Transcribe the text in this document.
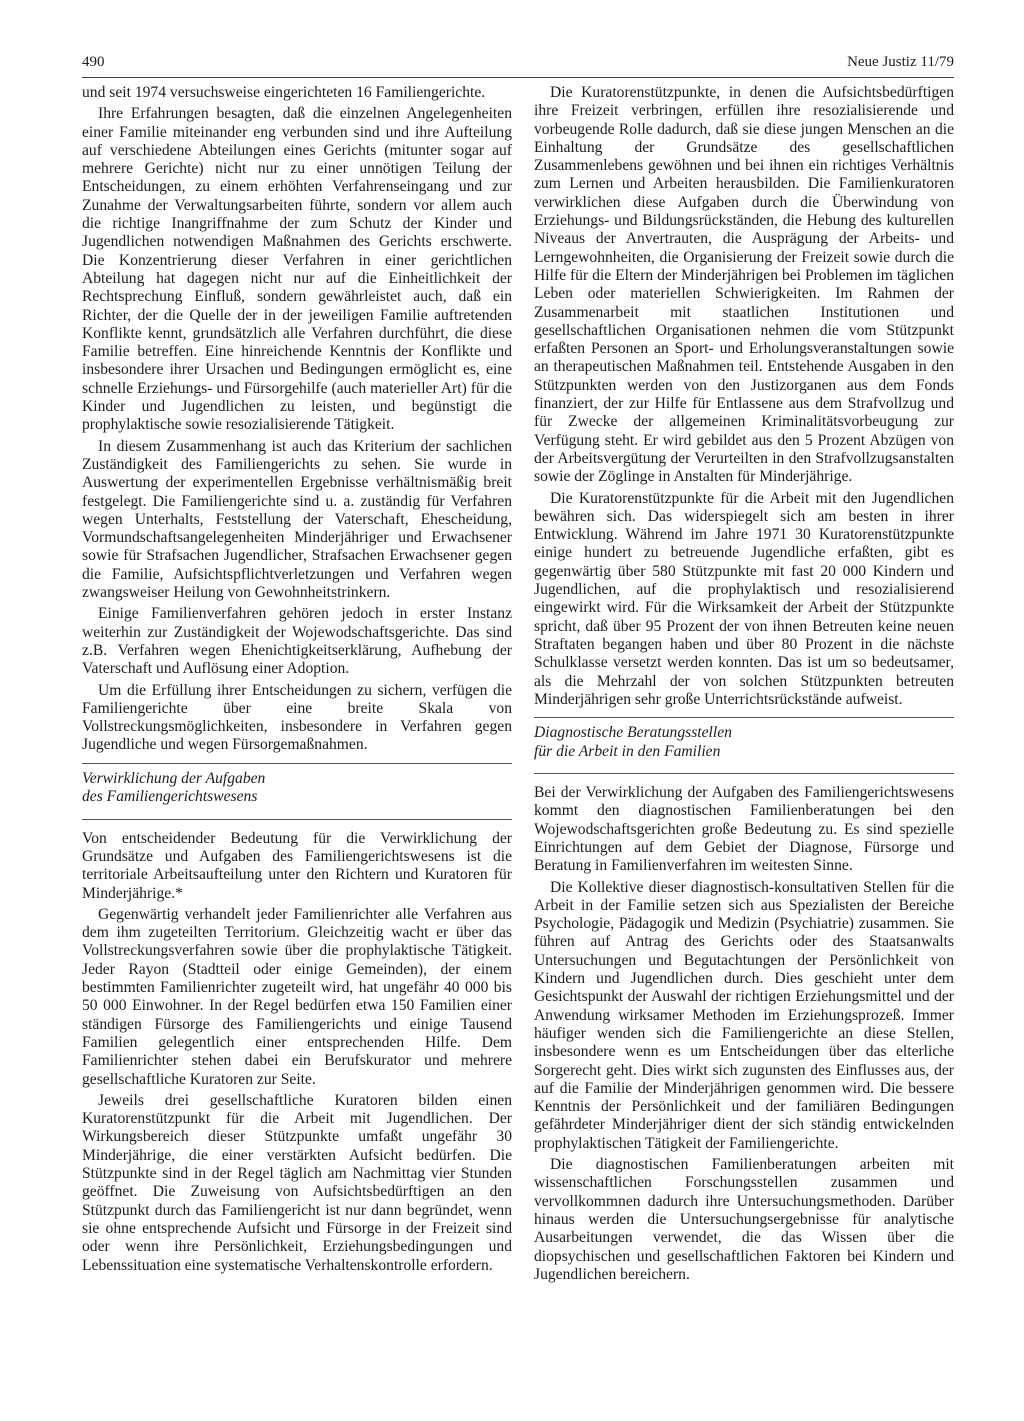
490	Neue Justiz 11/79

und seit 1974 versuchsweise eingerichteten 16 Familiengerichte.

Ihre Erfahrungen besagten, daß die einzelnen Angelegenheiten einer Familie miteinander eng verbunden sind und ihre Aufteilung auf verschiedene Abteilungen eines Gerichts (mitunter sogar auf mehrere Gerichte) nicht nur zu einer unnötigen Teilung der Entscheidungen, zu einem erhöhten Verfahrenseingang und zur Zunahme der Verwaltungsarbeiten führte, sondern vor allem auch die richtige Inangriffnahme der zum Schutz der Kinder und Jugendlichen notwendigen Maßnahmen des Gerichts erschwerte. Die Konzentrierung dieser Verfahren in einer gerichtlichen Abteilung hat dagegen nicht nur auf die Einheitlichkeit der Rechtsprechung Einfluß, sondern gewährleistet auch, daß ein Richter, der die Quelle der in der jeweiligen Familie auftretenden Konflikte kennt, grundsätzlich alle Verfahren durchführt, die diese Familie betreffen. Eine hinreichende Kenntnis der Konflikte und insbesondere ihrer Ursachen und Bedingungen ermöglicht es, eine schnelle Erziehungs- und Fürsorgehilfe (auch materieller Art) für die Kinder und Jugendlichen zu leisten, und begünstigt die prophylaktische sowie resozialisierende Tätigkeit.

In diesem Zusammenhang ist auch das Kriterium der sachlichen Zuständigkeit des Familiengerichts zu sehen. Sie wurde in Auswertung der experimentellen Ergebnisse verhältnismäßig breit festgelegt. Die Familiengerichte sind u. a. zuständig für Verfahren wegen Unterhalts, Feststellung der Vaterschaft, Ehescheidung, Vormundschaftsangelegenheiten Minderjähriger und Erwachsener sowie für Strafsachen Jugendlicher, Strafsachen Erwachsener gegen die Familie, Aufsichtspflichtverletzungen und Verfahren wegen zwangsweiser Heilung von Gewohnheitstrinkern.

Einige Familienverfahren gehören jedoch in erster Instanz weiterhin zur Zuständigkeit der Wojewodschaftsgerichte. Das sind z.B. Verfahren wegen Ehenichtigkeitserklärung, Aufhebung der Vaterschaft und Auflösung einer Adoption.

Um die Erfüllung ihrer Entscheidungen zu sichern, verfügen die Familiengerichte über eine breite Skala von Vollstreckungsmöglichkeiten, insbesondere in Verfahren gegen Jugendliche und wegen Fürsorgemaßnahmen.

Verwirklichung der Aufgaben
des Familiengerichtswesens

Von entscheidender Bedeutung für die Verwirklichung der Grundsätze und Aufgaben des Familiengerichtswesens ist die territoriale Arbeitsaufteilung unter den Richtern und Kuratoren für Minderjährige.*

Gegenwärtig verhandelt jeder Familienrichter alle Verfahren aus dem ihm zugeteilten Territorium. Gleichzeitig wacht er über das Vollstreckungsverfahren sowie über die prophylaktische Tätigkeit. Jeder Rayon (Stadtteil oder einige Gemeinden), der einem bestimmten Familienrichter zugeteilt wird, hat ungefähr 40 000 bis 50 000 Einwohner. In der Regel bedürfen etwa 150 Familien einer ständigen Fürsorge des Familiengerichts und einige Tausend Familien gelegentlich einer entsprechenden Hilfe. Dem Familienrichter stehen dabei ein Berufskurator und mehrere gesellschaftliche Kuratoren zur Seite.

Jeweils drei gesellschaftliche Kuratoren bilden einen Kuratorenstützpunkt für die Arbeit mit Jugendlichen. Der Wirkungsbereich dieser Stützpunkte umfaßt ungefähr 30 Minderjährige, die einer verstärkten Aufsicht bedürfen. Die Stützpunkte sind in der Regel täglich am Nachmittag vier Stunden geöffnet. Die Zuweisung von Aufsichtsbedürftigen an den Stützpunkt durch das Familiengericht ist nur dann begründet, wenn sie ohne entsprechende Aufsicht und Fürsorge in der Freizeit sind oder wenn ihre Persönlichkeit, Erziehungsbedingungen und Lebenssituation eine systematische Verhaltenskontrolle erfordern.

Die Kuratorenstützpunkte, in denen die Aufsichtsbedürftigen ihre Freizeit verbringen, erfüllen ihre resozialisierende und vorbeugende Rolle dadurch, daß sie diese jungen Menschen an die Einhaltung der Grundsätze des gesellschaftlichen Zusammenlebens gewöhnen und bei ihnen ein richtiges Verhältnis zum Lernen und Arbeiten herausbilden. Die Familienkuratoren verwirklichen diese Aufgaben durch die Überwindung von Erziehungs- und Bildungsrückständen, die Hebung des kulturellen Niveaus der Anvertrauten, die Ausprägung der Arbeits- und Lerngewohnheiten, die Organisierung der Freizeit sowie durch die Hilfe für die Eltern der Minderjährigen bei Problemen im täglichen Leben oder materiellen Schwierigkeiten. Im Rahmen der Zusammenarbeit mit staatlichen Institutionen und gesellschaftlichen Organisationen nehmen die vom Stützpunkt erfaßten Personen an Sport- und Erholungsveranstaltungen sowie an therapeutischen Maßnahmen teil. Entstehende Ausgaben in den Stützpunkten werden von den Justizorganen aus dem Fonds finanziert, der zur Hilfe für Entlassene aus dem Strafvollzug und für Zwecke der allgemeinen Kriminalitätsvorbeugung zur Verfügung steht. Er wird gebildet aus den 5 Prozent Abzügen von der Arbeitsvergütung der Verurteilten in den Strafvollzugsanstalten sowie der Zöglinge in Anstalten für Minderjährige.

Die Kuratorenstützpunkte für die Arbeit mit den Jugendlichen bewähren sich. Das widerspiegelt sich am besten in ihrer Entwicklung. Während im Jahre 1971 30 Kuratorenstützpunkte einige hundert zu betreuende Jugendliche erfaßten, gibt es gegenwärtig über 580 Stützpunkte mit fast 20 000 Kindern und Jugendlichen, auf die prophylaktisch und resozialisierend eingewirkt wird. Für die Wirksamkeit der Arbeit der Stützpunkte spricht, daß über 95 Prozent der von ihnen Betreuten keine neuen Straftaten begangen haben und über 80 Prozent in die nächste Schulklasse versetzt werden konnten. Das ist um so bedeutsamer, als die Mehrzahl der von solchen Stützpunkten betreuten Minderjährigen sehr große Unterrichtsrückstände aufweist.

Diagnostische Beratungsstellen
für die Arbeit in den Familien

Bei der Verwirklichung der Aufgaben des Familiengerichtswesens kommt den diagnostischen Familienberatungen bei den Wojewodschaftsgerichten große Bedeutung zu. Es sind spezielle Einrichtungen auf dem Gebiet der Diagnose, Fürsorge und Beratung in Familienverfahren im weitesten Sinne.

Die Kollektive dieser diagnostisch-konsultativen Stellen für die Arbeit in der Familie setzen sich aus Spezialisten der Bereiche Psychologie, Pädagogik und Medizin (Psychiatrie) zusammen. Sie führen auf Antrag des Gerichts oder des Staatsanwalts Untersuchungen und Begutachtungen der Persönlichkeit von Kindern und Jugendlichen durch. Dies geschieht unter dem Gesichtspunkt der Auswahl der richtigen Erziehungsmittel und der Anwendung wirksamer Methoden im Erziehungsprozeß. Immer häufiger wenden sich die Familiengerichte an diese Stellen, insbesondere wenn es um Entscheidungen über das elterliche Sorgerecht geht. Dies wirkt sich zugunsten des Einflusses aus, der auf die Familie der Minderjährigen genommen wird. Die bessere Kenntnis der Persönlichkeit und der familiären Bedingungen gefährdeter Minderjähriger dient der sich ständig entwickelnden prophylaktischen Tätigkeit der Familiengerichte.

Die diagnostischen Familienberatungen arbeiten mit wissenschaftlichen Forschungsstellen zusammen und vervollkommnen dadurch ihre Untersuchungsmethoden. Darüber hinaus werden die Untersuchungsergebnisse für analytische Ausarbeitungen verwendet, die das Wissen über die diopsychischen und gesellschaftlichen Faktoren bei Kindern und Jugendlichen bereichern.
